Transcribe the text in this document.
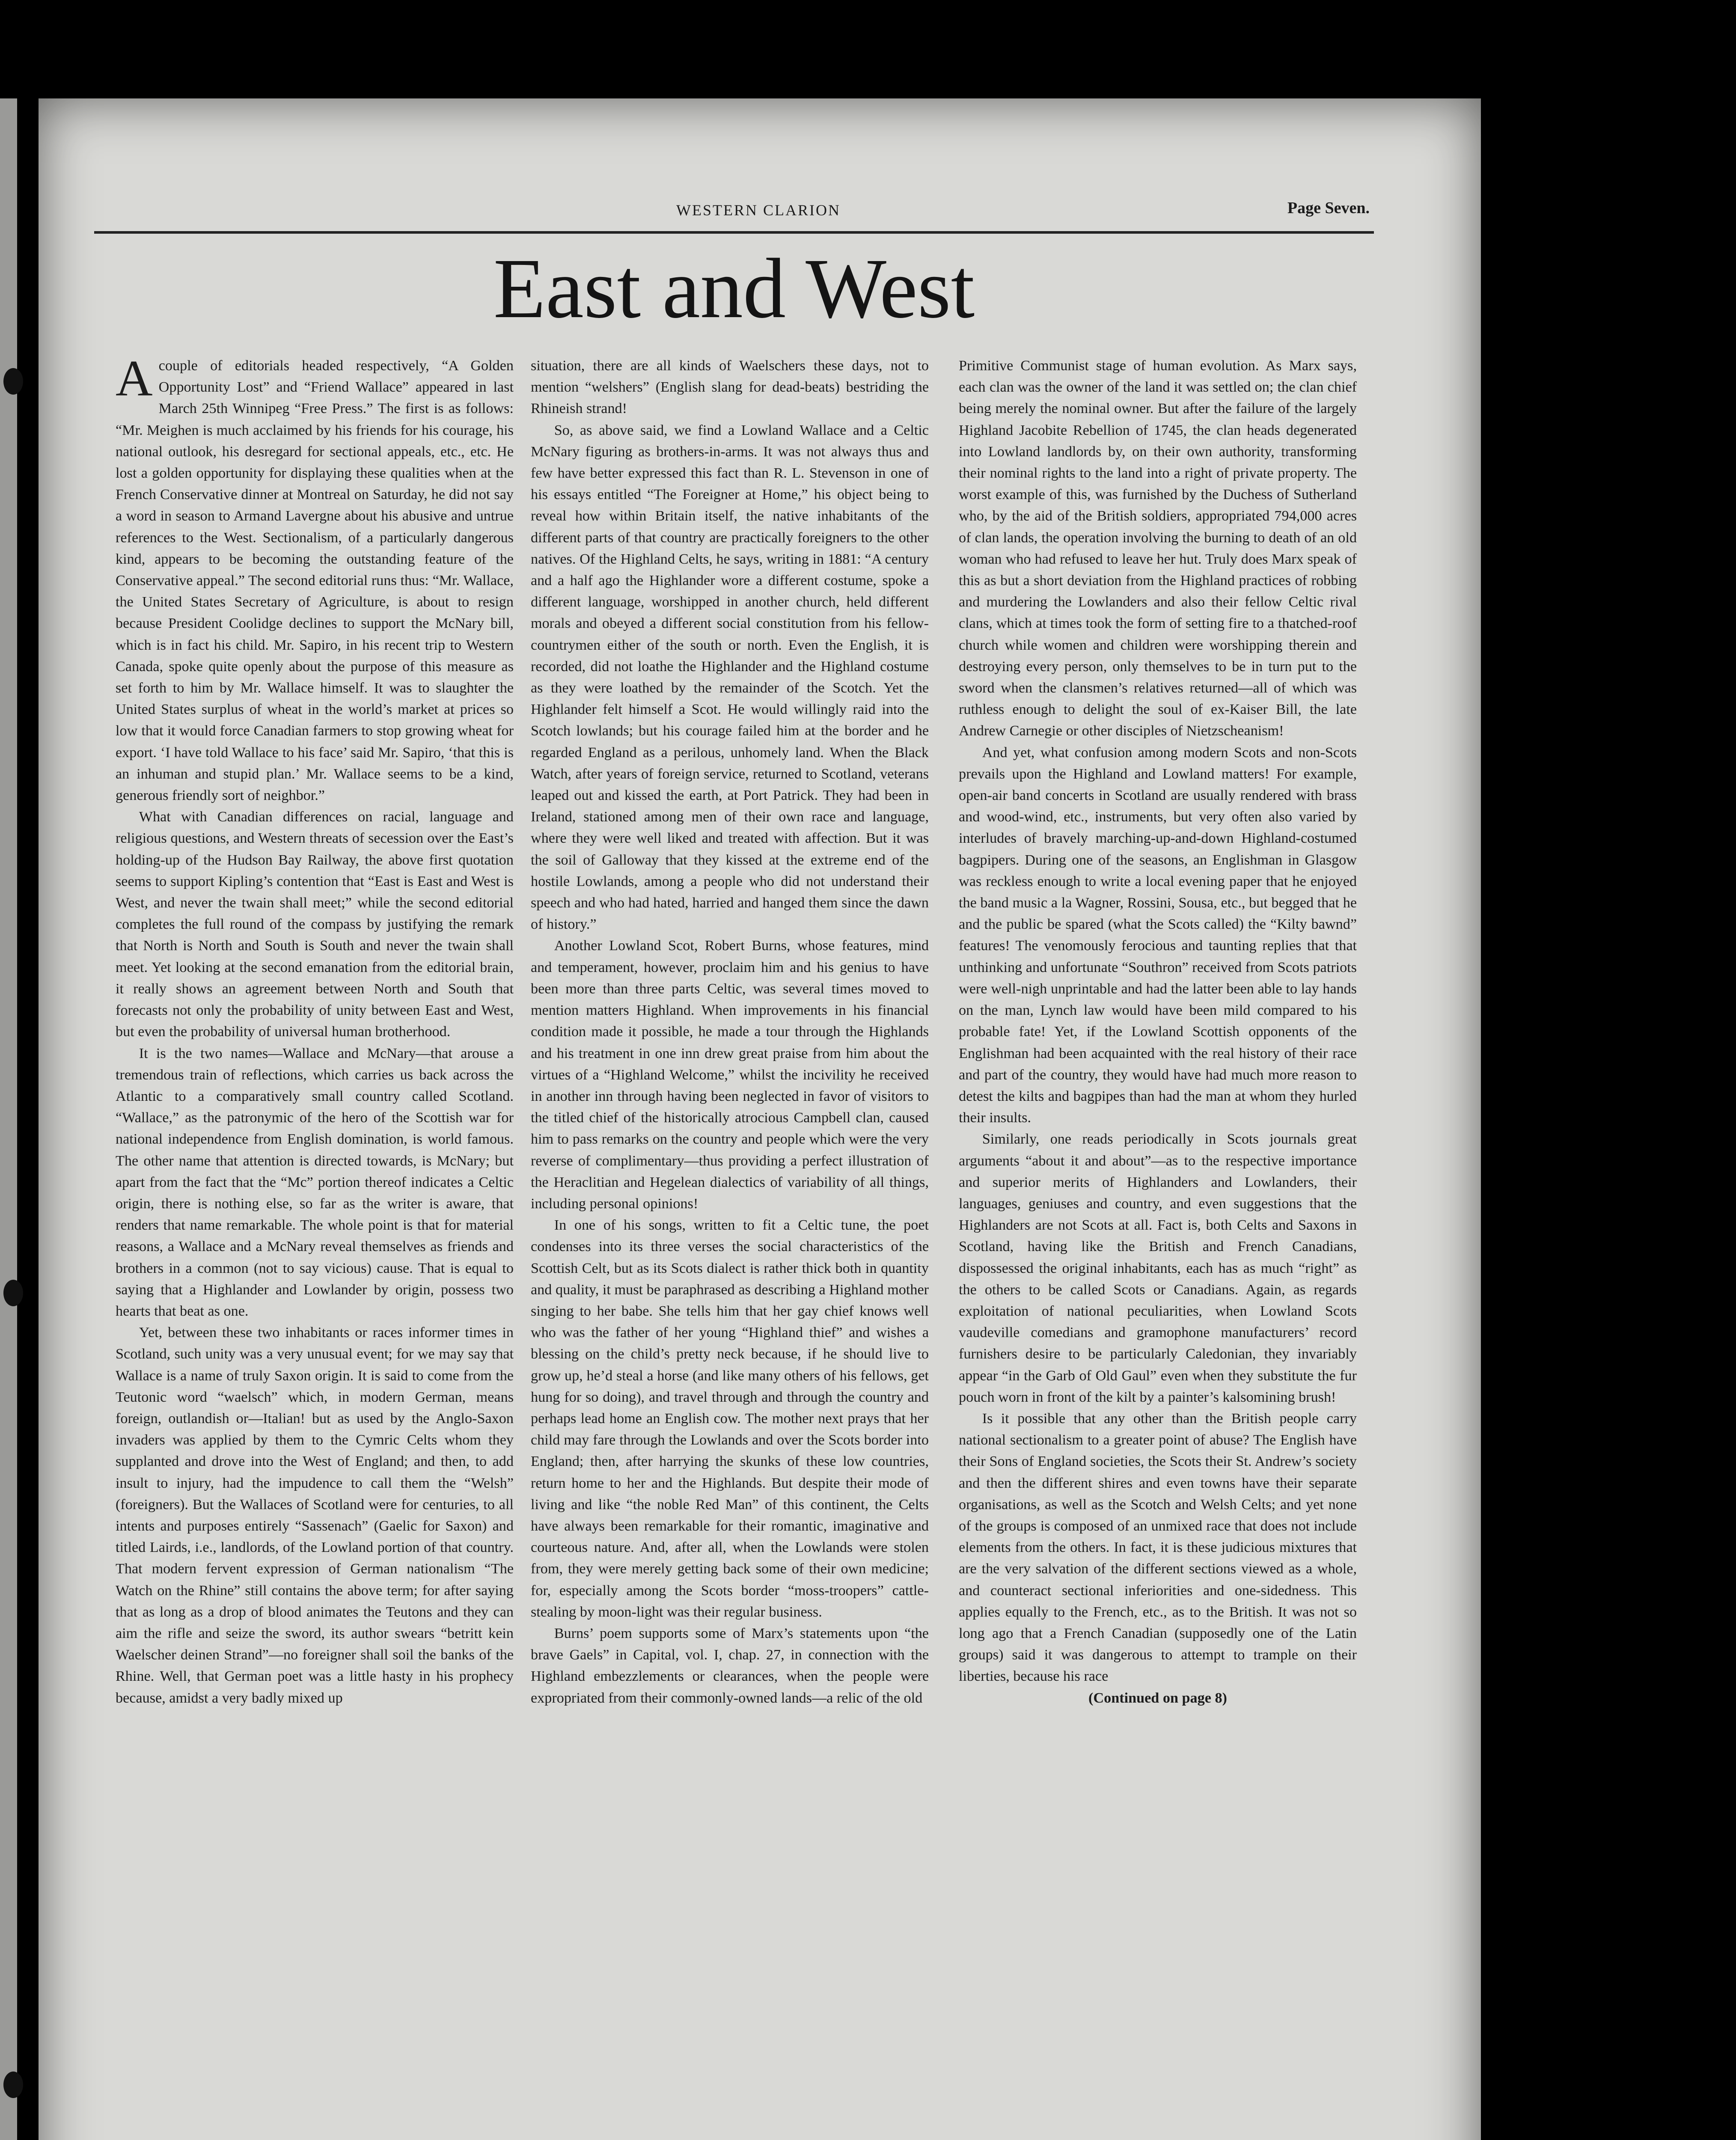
WESTERN CLARION	Page Seven.
East and West

A couple of editorials headed respectively, “A Golden Opportunity Lost” and “Friend Wallace” appeared in last March 25th Winnipeg “Free Press.” The first is as follows: “Mr. Meighen is much acclaimed by his friends for his courage, his national outlook, his desregard for sectional appeals, etc., etc. He lost a golden opportunity for displaying these qualities when at the French Conservative dinner at Montreal on Saturday, he did not say a word in season to Armand Lavergne about his abusive and untrue references to the West. Sectionalism, of a particularly dangerous kind, appears to be becoming the outstanding feature of the Conservative appeal.” The second editorial runs thus: “Mr. Wallace, the United States Secretary of Agriculture, is about to resign because President Coolidge declines to support the McNary bill, which is in fact his child. Mr. Sapiro, in his recent trip to Western Canada, spoke quite openly about the purpose of this measure as set forth to him by Mr. Wallace himself. It was to slaughter the United States surplus of wheat in the world’s market at prices so low that it would force Canadian farmers to stop growing wheat for export. ‘I have told Wallace to his face’ said Mr. Sapiro, ‘that this is an inhuman and stupid plan.’ Mr. Wallace seems to be a kind, generous friendly sort of neighbor.”

What with Canadian differences on racial, language and religious questions, and Western threats of secession over the East’s holding-up of the Hudson Bay Railway, the above first quotation seems to support Kipling’s contention that “East is East and West is West, and never the twain shall meet;” while the second editorial completes the full round of the compass by justifying the remark that North is North and South is South and never the twain shall meet. Yet looking at the second emanation from the editorial brain, it really shows an agreement between North and South that forecasts not only the probability of unity between East and West, but even the probability of universal human brotherhood.

It is the two names—Wallace and McNary—that arouse a tremendous train of reflections, which carries us back across the Atlantic to a comparatively small country called Scotland. “Wallace,” as the patronymic of the hero of the Scottish war for national independence from English domination, is world famous. The other name that attention is directed towards, is McNary; but apart from the fact that the “Mc” portion thereof indicates a Celtic origin, there is nothing else, so far as the writer is aware, that renders that name remarkable. The whole point is that for material reasons, a Wallace and a McNary reveal themselves as friends and brothers in a common (not to say vicious) cause. That is equal to saying that a Highlander and Lowlander by origin, possess two hearts that beat as one.

Yet, between these two inhabitants or races informer times in Scotland, such unity was a very unusual event; for we may say that Wallace is a name of truly Saxon origin. It is said to come from the Teutonic word “waelsch” which, in modern German, means foreign, outlandish or—Italian! but as used by the Anglo-Saxon invaders was applied by them to the Cymric Celts whom they supplanted and drove into the West of England; and then, to add insult to injury, had the impudence to call them the “Welsh” (foreigners). But the Wallaces of Scotland were for centuries, to all intents and purposes entirely “Sassenach” (Gaelic for Saxon) and titled Lairds, i.e., landlords, of the Lowland portion of that country. That modern fervent expression of German nationalism “The Watch on the Rhine” still contains the above term; for after saying that as long as a drop of blood animates the Teutons and they can aim the rifle and seize the sword, its author swears “betritt kein Waelscher deinen Strand”—no foreigner shall soil the banks of the Rhine. Well, that German poet was a little hasty in his prophecy because, amidst a very badly mixed up

situation, there are all kinds of Waelschers these days, not to mention “welshers” (English slang for dead-beats) bestriding the Rhineish strand!

So, as above said, we find a Lowland Wallace and a Celtic McNary figuring as brothers-in-arms. It was not always thus and few have better expressed this fact than R. L. Stevenson in one of his essays entitled “The Foreigner at Home,” his object being to reveal how within Britain itself, the native inhabitants of the different parts of that country are practically foreigners to the other natives. Of the Highland Celts, he says, writing in 1881: “A century and a half ago the Highlander wore a different costume, spoke a different language, worshipped in another church, held different morals and obeyed a different social constitution from his fellow-countrymen either of the south or north. Even the English, it is recorded, did not loathe the Highlander and the Highland costume as they were loathed by the remainder of the Scotch. Yet the Highlander felt himself a Scot. He would willingly raid into the Scotch lowlands; but his courage failed him at the border and he regarded England as a perilous, unhomely land. When the Black Watch, after years of foreign service, returned to Scotland, veterans leaped out and kissed the earth, at Port Patrick. They had been in Ireland, stationed among men of their own race and language, where they were well liked and treated with affection. But it was the soil of Galloway that they kissed at the extreme end of the hostile Lowlands, among a people who did not understand their speech and who had hated, harried and hanged them since the dawn of history.”

Another Lowland Scot, Robert Burns, whose features, mind and temperament, however, proclaim him and his genius to have been more than three parts Celtic, was several times moved to mention matters Highland. When improvements in his financial condition made it possible, he made a tour through the Highlands and his treatment in one inn drew great praise from him about the virtues of a “Highland Welcome,” whilst the incivility he received in another inn through having been neglected in favor of visitors to the titled chief of the historically atrocious Campbell clan, caused him to pass remarks on the country and people which were the very reverse of complimentary—thus providing a perfect illustration of the Heraclitian and Hegelean dialectics of variability of all things, including personal opinions!

In one of his songs, written to fit a Celtic tune, the poet condenses into its three verses the social characteristics of the Scottish Celt, but as its Scots dialect is rather thick both in quantity and quality, it must be paraphrased as describing a Highland mother singing to her babe. She tells him that her gay chief knows well who was the father of her young “Highland thief” and wishes a blessing on the child’s pretty neck because, if he should live to grow up, he’d steal a horse (and like many others of his fellows, get hung for so doing), and travel through and through the country and perhaps lead home an English cow. The mother next prays that her child may fare through the Lowlands and over the Scots border into England; then, after harrying the skunks of these low countries, return home to her and the Highlands. But despite their mode of living and like “the noble Red Man” of this continent, the Celts have always been remarkable for their romantic, imaginative and courteous nature. And, after all, when the Lowlands were stolen from, they were merely getting back some of their own medicine; for, especially among the Scots border “moss-troopers” cattle-stealing by moon-light was their regular business.

Burns’ poem supports some of Marx’s statements upon “the brave Gaels” in Capital, vol. I, chap. 27, in connection with the Highland embezzlements or clearances, when the people were expropriated from their commonly-owned lands—a relic of the old

Primitive Communist stage of human evolution. As Marx says, each clan was the owner of the land it was settled on; the clan chief being merely the nominal owner. But after the failure of the largely Highland Jacobite Rebellion of 1745, the clan heads degenerated into Lowland landlords by, on their own authority, transforming their nominal rights to the land into a right of private property. The worst example of this, was furnished by the Duchess of Sutherland who, by the aid of the British soldiers, appropriated 794,000 acres of clan lands, the operation involving the burning to death of an old woman who had refused to leave her hut. Truly does Marx speak of this as but a short deviation from the Highland practices of robbing and murdering the Lowlanders and also their fellow Celtic rival clans, which at times took the form of setting fire to a thatched-roof church while women and children were worshipping therein and destroying every person, only themselves to be in turn put to the sword when the clansmen’s relatives returned—all of which was ruthless enough to delight the soul of ex-Kaiser Bill, the late Andrew Carnegie or other disciples of Nietzscheanism!

And yet, what confusion among modern Scots and non-Scots prevails upon the Highland and Lowland matters! For example, open-air band concerts in Scotland are usually rendered with brass and wood-wind, etc., instruments, but very often also varied by interludes of bravely marching-up-and-down Highland-costumed bagpipers. During one of the seasons, an Englishman in Glasgow was reckless enough to write a local evening paper that he enjoyed the band music a la Wagner, Rossini, Sousa, etc., but begged that he and the public be spared (what the Scots called) the “Kilty bawnd” features! The venomously ferocious and taunting replies that that unthinking and unfortunate “Southron” received from Scots patriots were well-nigh unprintable and had the latter been able to lay hands on the man, Lynch law would have been mild compared to his probable fate! Yet, if the Lowland Scottish opponents of the Englishman had been acquainted with the real history of their race and part of the country, they would have had much more reason to detest the kilts and bagpipes than had the man at whom they hurled their insults.

Similarly, one reads periodically in Scots journals great arguments “about it and about”—as to the respective importance and superior merits of Highlanders and Lowlanders, their languages, geniuses and country, and even suggestions that the Highlanders are not Scots at all. Fact is, both Celts and Saxons in Scotland, having like the British and French Canadians, dispossessed the original inhabitants, each has as much “right” as the others to be called Scots or Canadians. Again, as regards exploitation of national peculiarities, when Lowland Scots vaudeville comedians and gramophone manufacturers’ record furnishers desire to be particularly Caledonian, they invariably appear “in the Garb of Old Gaul” even when they substitute the fur pouch worn in front of the kilt by a painter’s kalsomining brush!

Is it possible that any other than the British people carry national sectionalism to a greater point of abuse? The English have their Sons of England societies, the Scots their St. Andrew’s society and then the different shires and even towns have their separate organisations, as well as the Scotch and Welsh Celts; and yet none of the groups is composed of an unmixed race that does not include elements from the others. In fact, it is these judicious mixtures that are the very salvation of the different sections viewed as a whole, and counteract sectional inferiorities and one-sidedness. This applies equally to the French, etc., as to the British. It was not so long ago that a French Canadian (supposedly one of the Latin groups) said it was dangerous to attempt to trample on their liberties, because his race

(Continued on page 8)
